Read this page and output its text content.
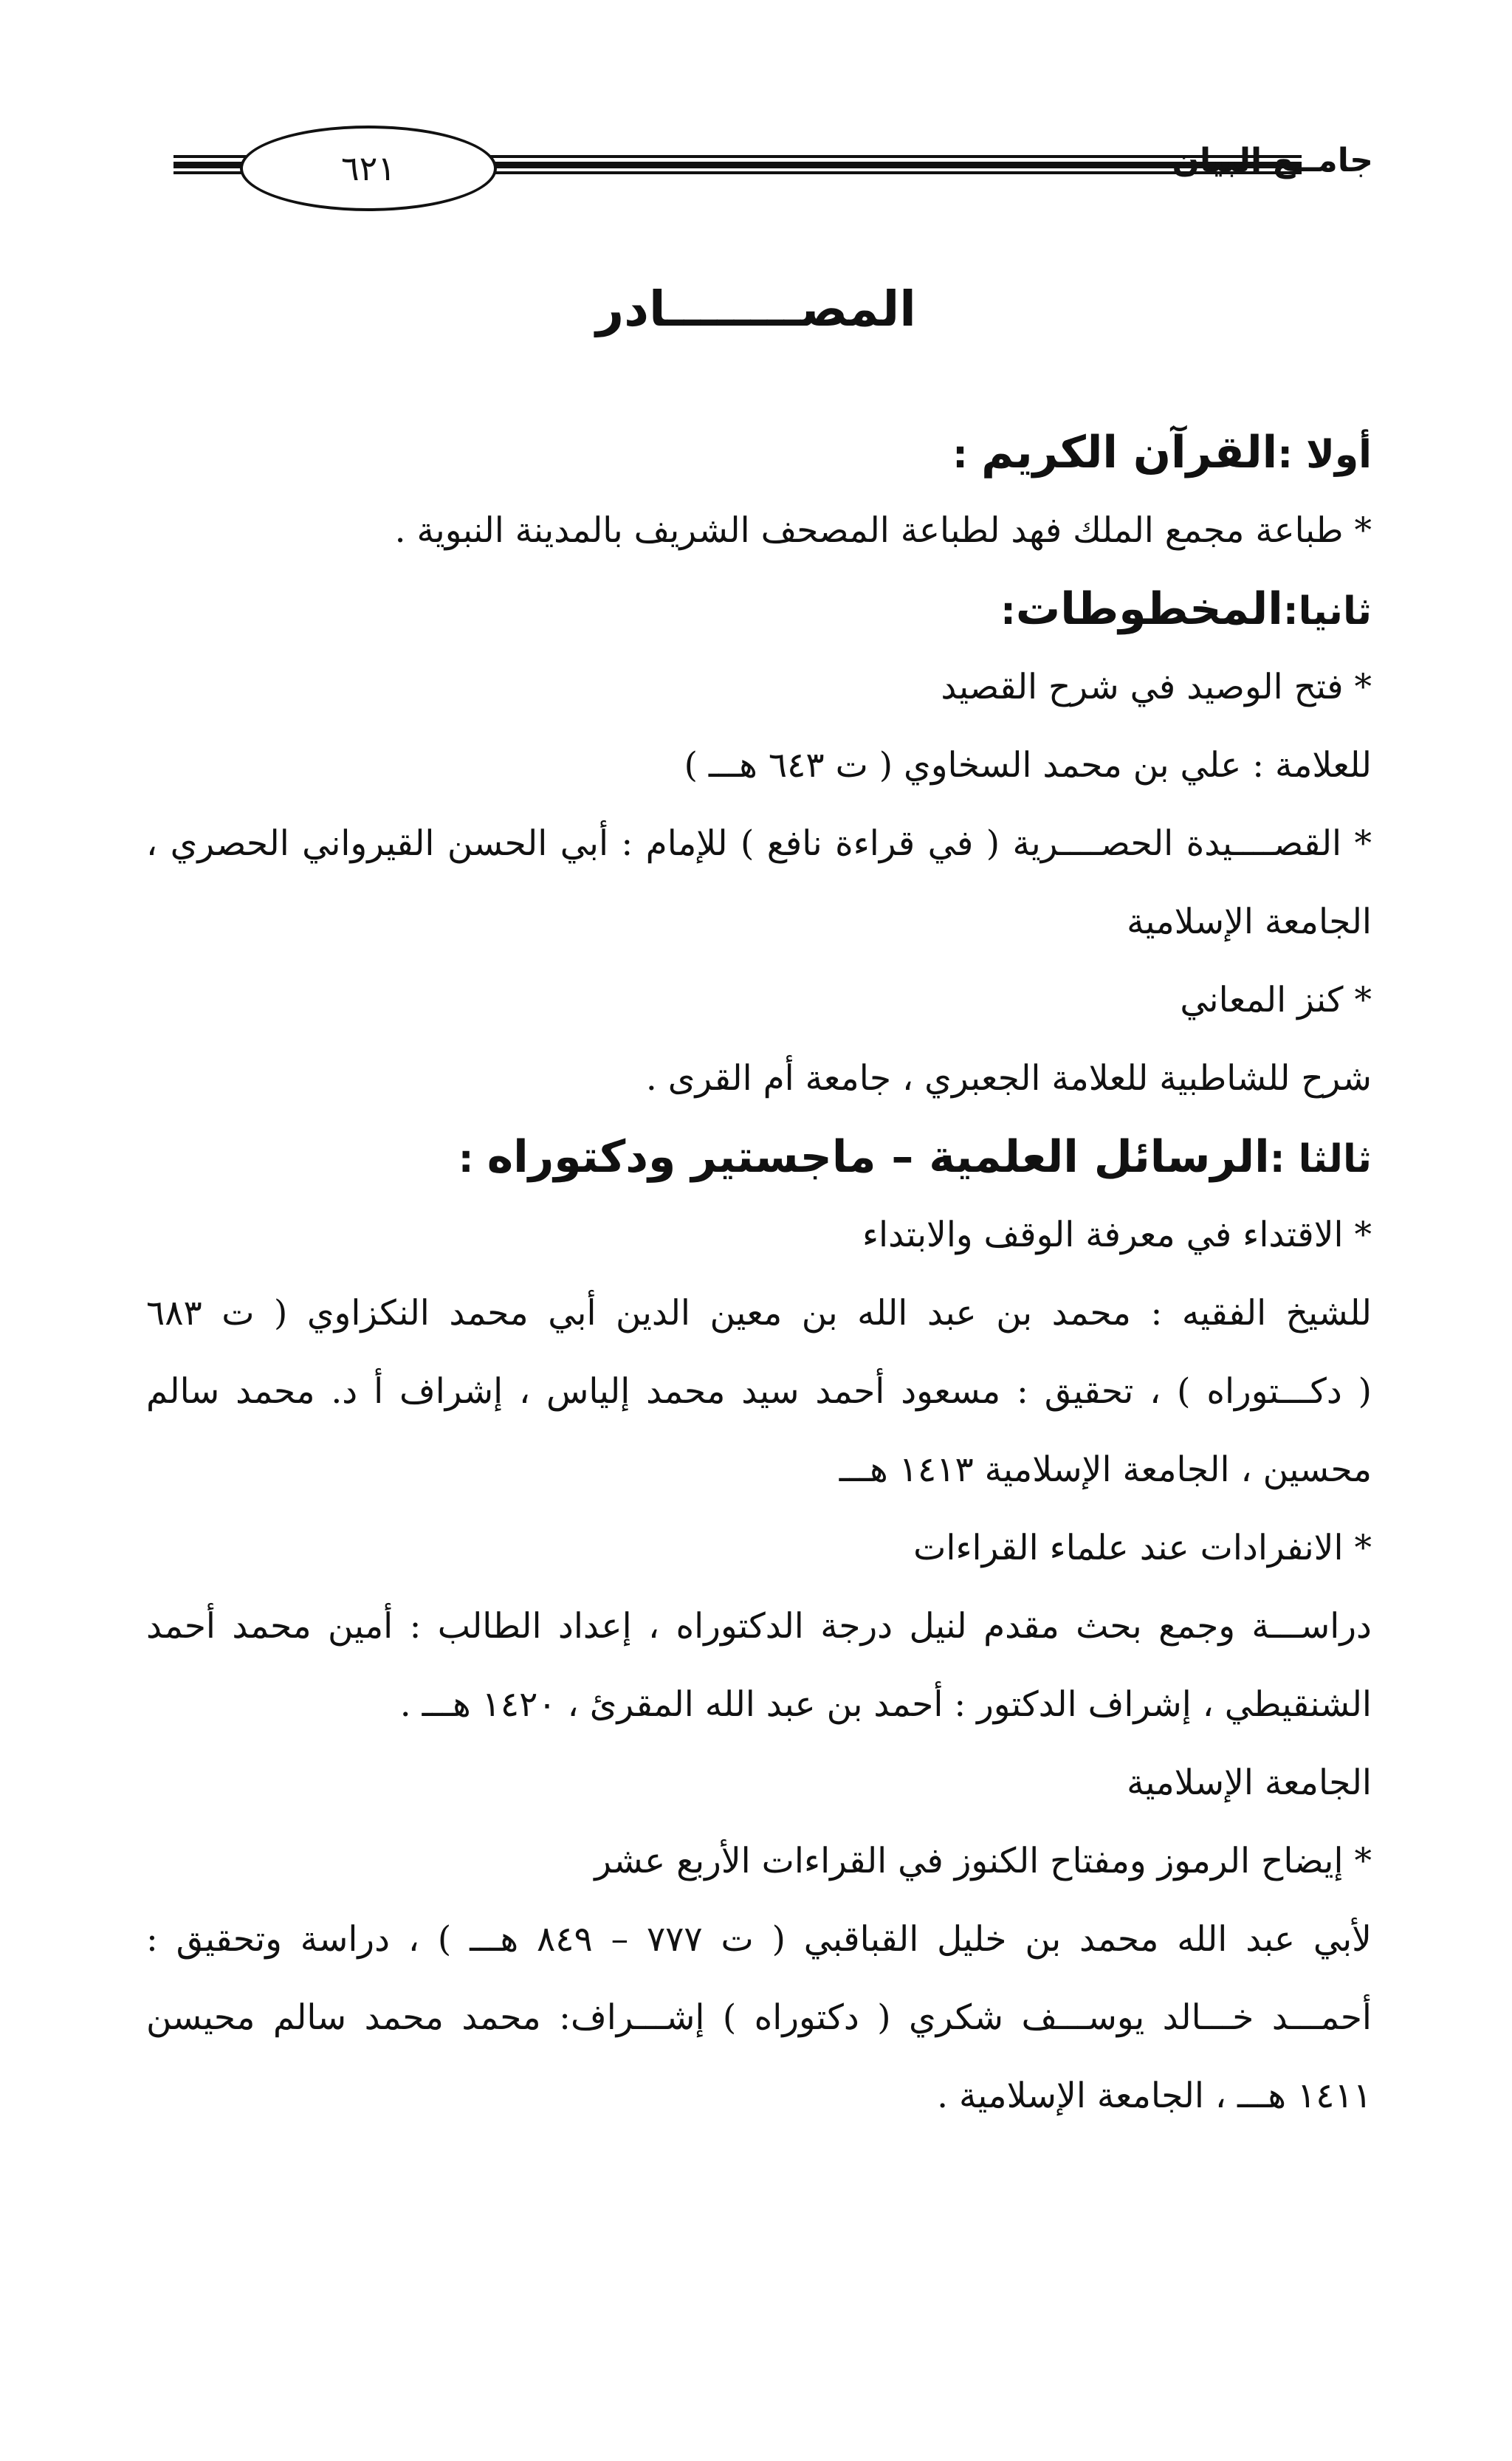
٦٢١	جامــع البيان
المصــــــــادر
أولا :القرآن الكريم :
* طباعة مجمع الملك فهد لطباعة المصحف الشريف بالمدينة النبوية .
ثانيا:المخطوطات:
* فتح الوصيد في شرح القصيد
للعلامة : علي بن محمد السخاوي ( ت ٦٤٣ هـــ )
* القصــــيدة الحصــــرية ( في قراءة نافع ) للإمام : أبي الحسن القيرواني الحصري ،
الجامعة الإسلامية
* كنز المعاني
شرح للشاطبية للعلامة الجعبري ، جامعة أم القرى .
ثالثا :الرسائل العلمية – ماجستير ودكتوراه :
* الاقتداء في معرفة الوقف والابتداء
للشيخ الفقيه : محمد بن عبد الله بن معين الدين أبي محمد النكزاوي ( ت ٦٨٣
( دكـــتوراه ) ، تحقيق : مسعود أحمد سيد محمد إلياس ، إشراف أ د. محمد سالم
محسين ، الجامعة الإسلامية ١٤١٣ هـــ
* الانفرادات عند علماء القراءات
دراســـة وجمع بحث مقدم لنيل درجة الدكتوراه ، إعداد الطالب : أمين محمد أحمد
الشنقيطي ، إشراف الدكتور : أحمد بن عبد الله المقرئ ، ١٤٢٠ هـــ .
الجامعة الإسلامية
* إيضاح الرموز ومفتاح الكنوز في القراءات الأربع عشر
لأبي عبد الله محمد بن خليل القباقبي ( ت ٧٧٧ – ٨٤٩ هـــ ) ، دراسة وتحقيق :
أحمـــد خـــالد يوســـف شكري ( دكتوراه ) إشـــراف: محمد محمد سالم محيسن
١٤١١ هـــ ، الجامعة الإسلامية .
